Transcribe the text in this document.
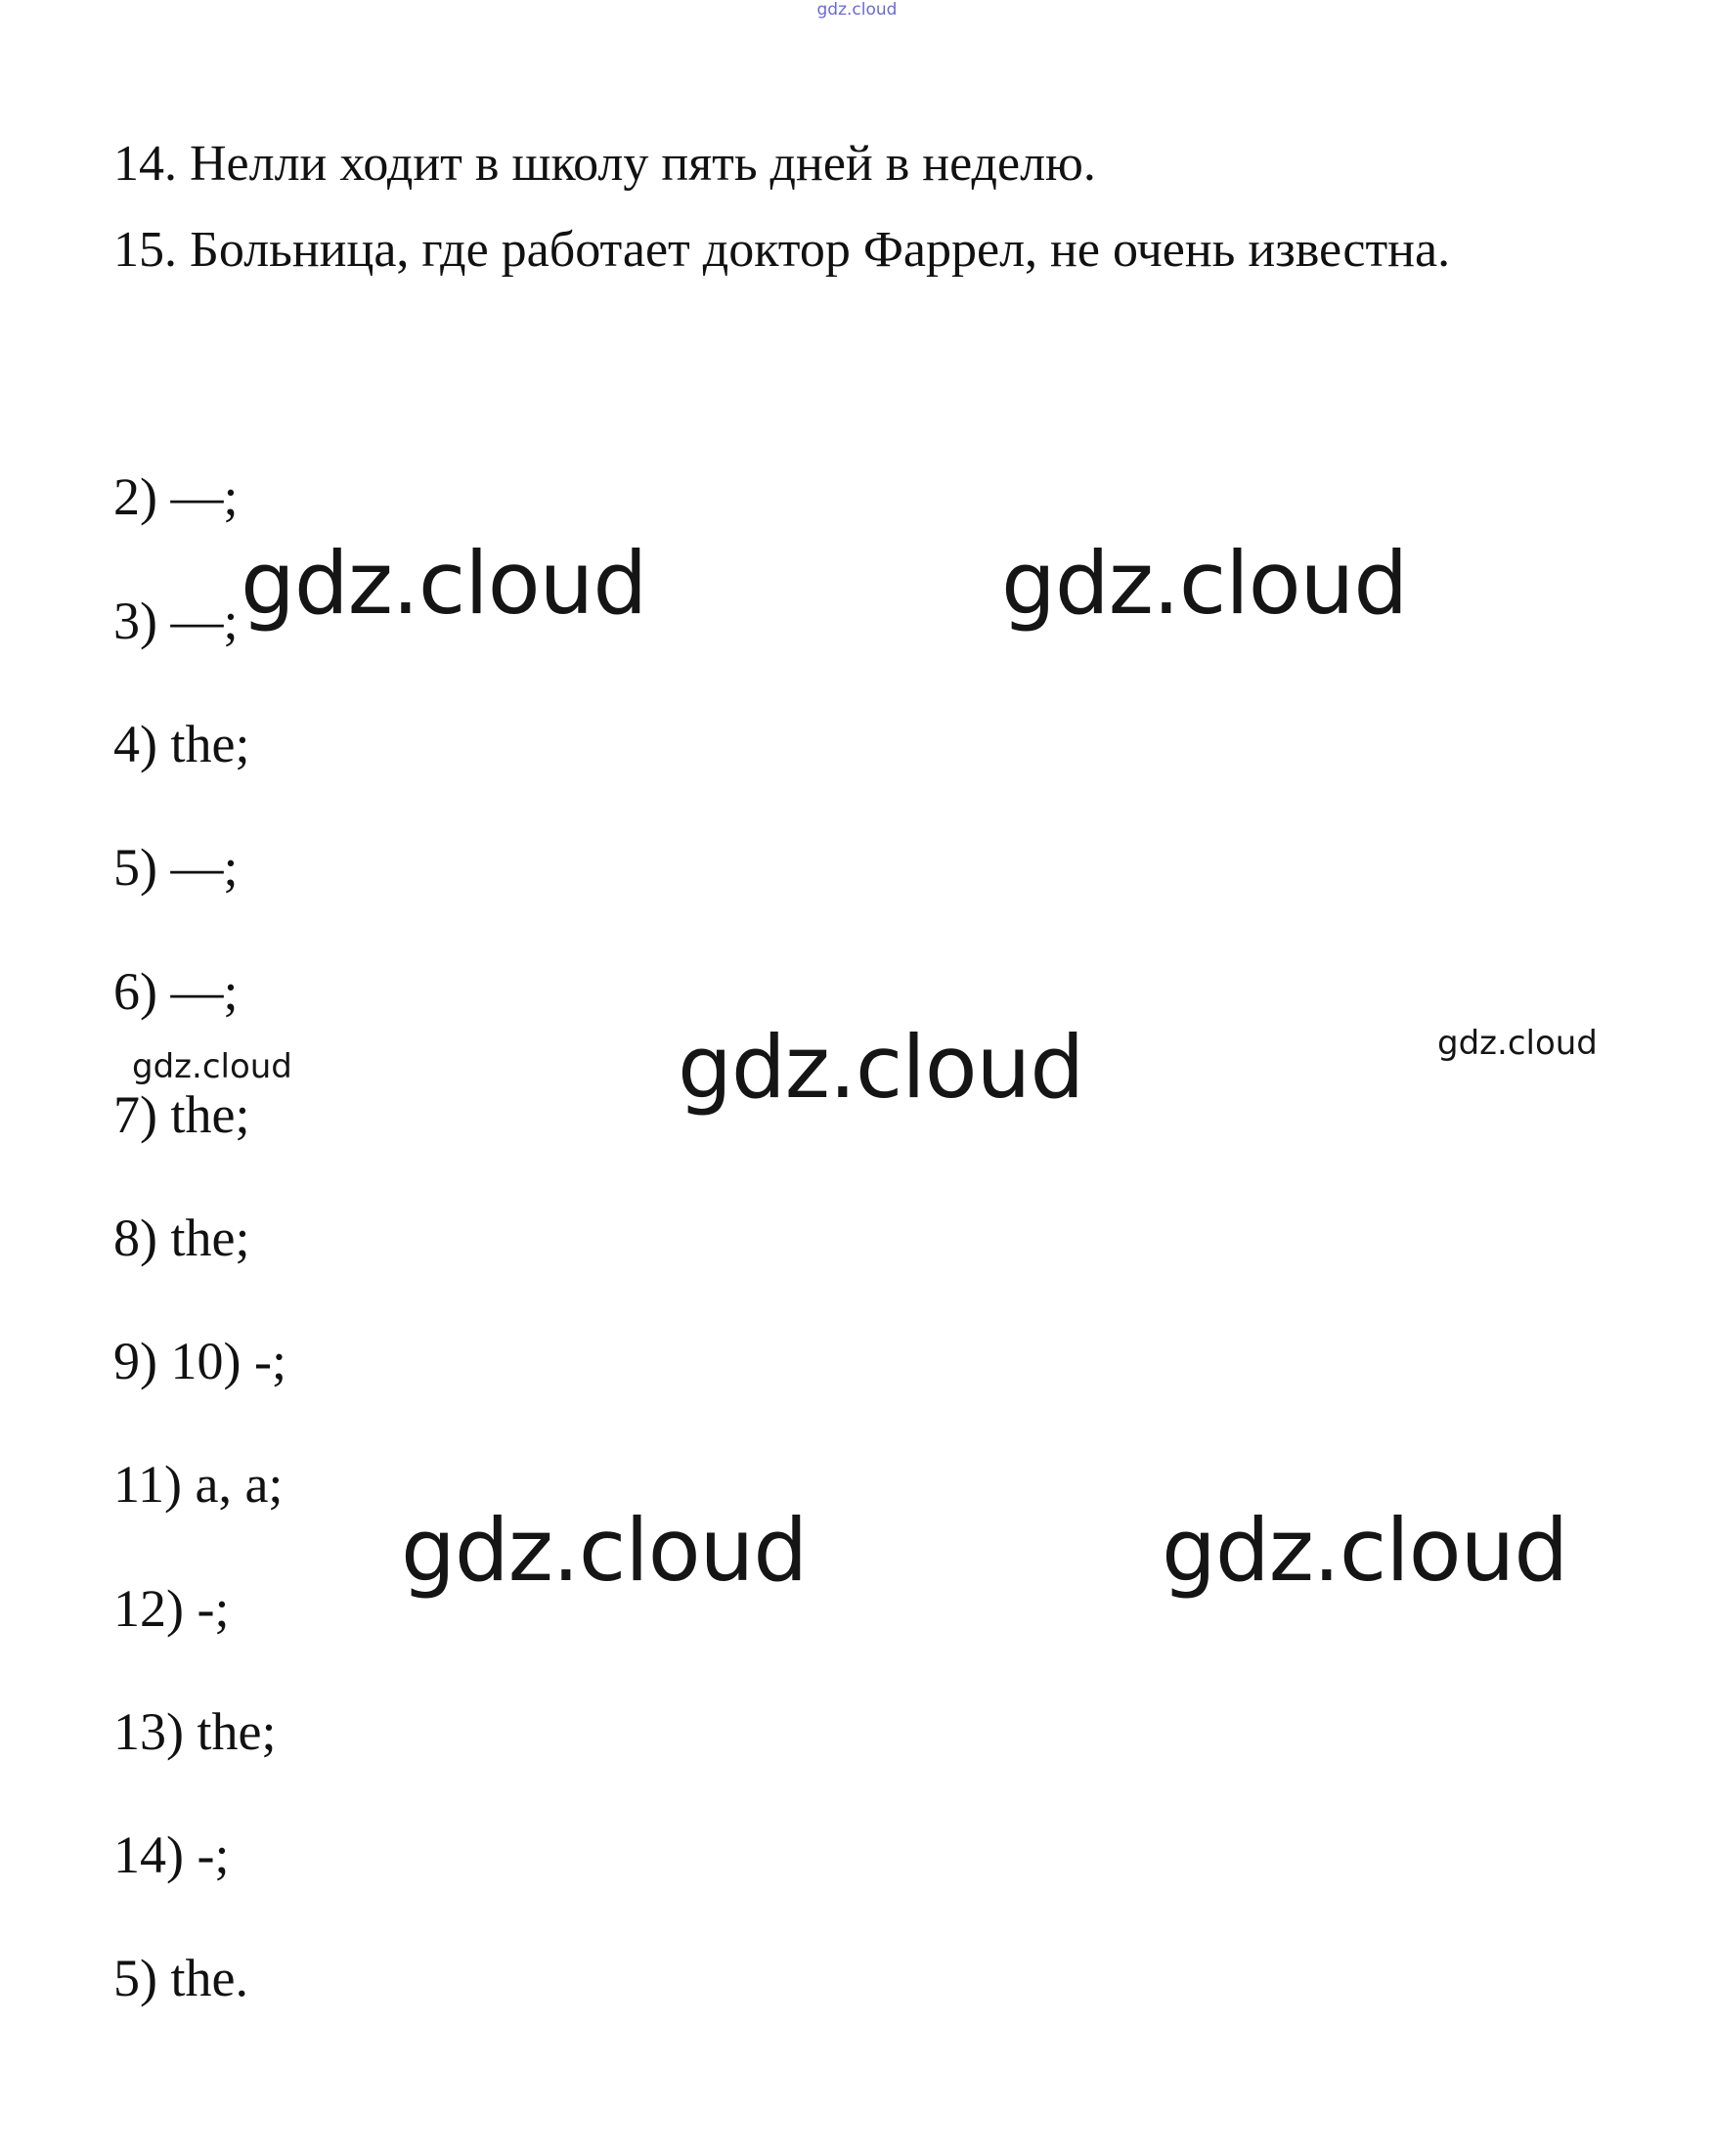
gdz.cloud
14. Нелли ходит в школу пять дней в неделю.
15. Больница, где работает доктор Фаррел, не очень известна.
2) —;
3) —;
4) the;
5) —;
6) —;
7) the;
8) the;
9) 10) -;
11) a, a;
12) -;
13) the;
14) -;
5) the.
gdz.cloud	gdz.cloud
gdz.cloud
gdz.cloud
gdz.cloud
gdz.cloud	gdz.cloud
